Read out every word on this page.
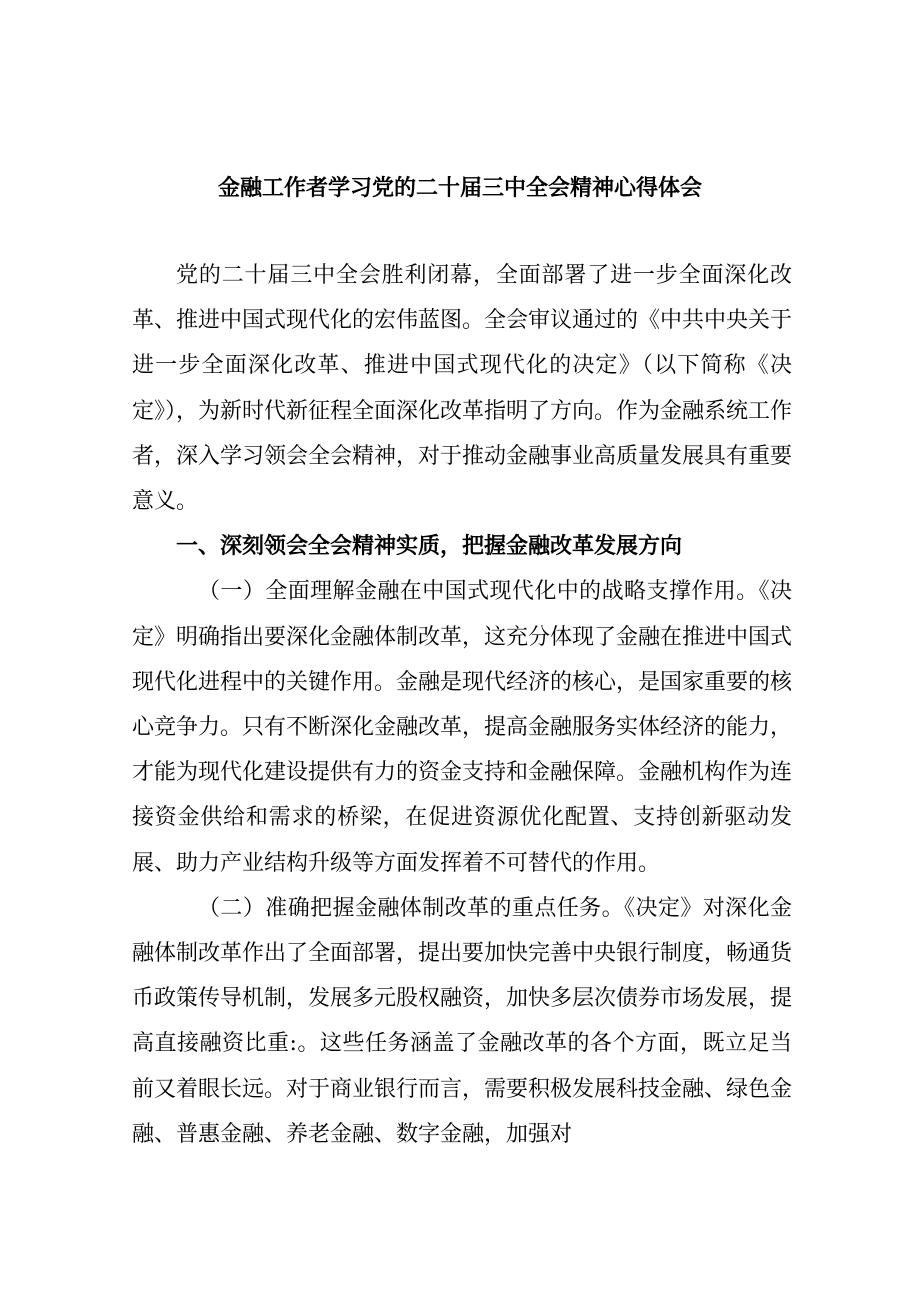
金融工作者学习党的二十届三中全会精神心得体会

党的二十届三中全会胜利闭幕，全面部署了进一步全面深化改革、推进中国式现代化的宏伟蓝图。全会审议通过的《中共中央关于进一步全面深化改革、推进中国式现代化的决定》（以下简称《决定》），为新时代新征程全面深化改革指明了方向。作为金融系统工作者，深入学习领会全会精神，对于推动金融事业高质量发展具有重要意义。

一、深刻领会全会精神实质，把握金融改革发展方向

（一）全面理解金融在中国式现代化中的战略支撑作用。《决定》明确指出要深化金融体制改革，这充分体现了金融在推进中国式现代化进程中的关键作用。金融是现代经济的核心，是国家重要的核心竞争力。只有不断深化金融改革，提高金融服务实体经济的能力，才能为现代化建设提供有力的资金支持和金融保障。金融机构作为连接资金供给和需求的桥梁，在促进资源优化配置、支持创新驱动发展、助力产业结构升级等方面发挥着不可替代的作用。

（二）准确把握金融体制改革的重点任务。《决定》对深化金融体制改革作出了全面部署，提出要加快完善中央银行制度，畅通货币政策传导机制，发展多元股权融资，加快多层次债券市场发展，提高直接融资比重:。这些任务涵盖了金融改革的各个方面，既立足当前又着眼长远。对于商业银行而言，需要积极发展科技金融、绿色金融、普惠金融、养老金融、数字金融，加强对
